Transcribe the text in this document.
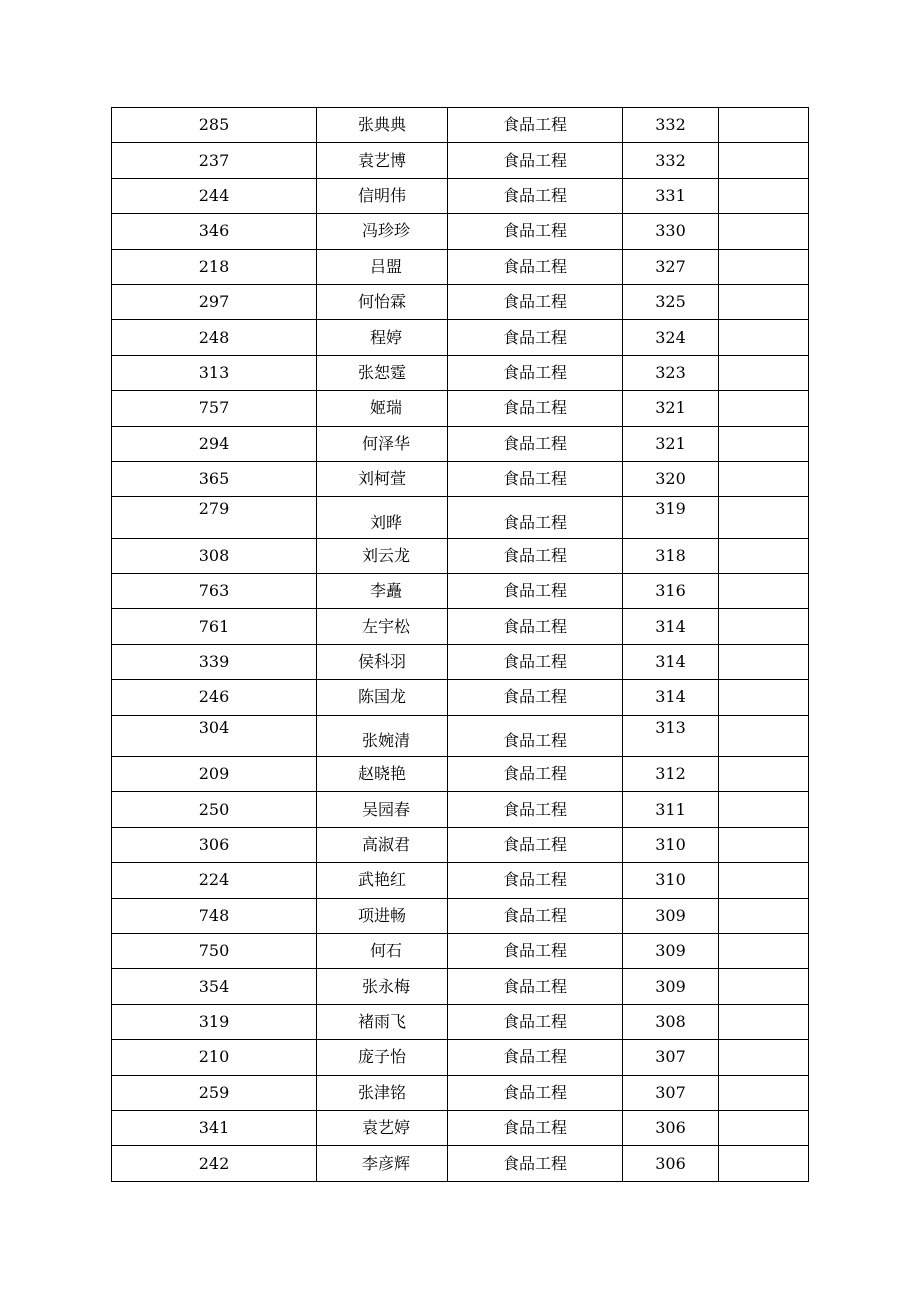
285	张典典	食品工程	332	
237	袁艺博	食品工程	332	
244	信明伟	食品工程	331	
346	冯珍珍	食品工程	330	
218	吕盟	食品工程	327	
297	何怡霖	食品工程	325	
248	程婷	食品工程	324	
313	张恕霆	食品工程	323	
757	姬瑞	食品工程	321	
294	何泽华	食品工程	321	
365	刘柯萱	食品工程	320	
279	刘晔	食品工程	319	
308	刘云龙	食品工程	318	
763	李矗	食品工程	316	
761	左宇松	食品工程	314	
339	侯科羽	食品工程	314	
246	陈国龙	食品工程	314	
304	张婉清	食品工程	313	
209	赵晓艳	食品工程	312	
250	吴园春	食品工程	311	
306	高淑君	食品工程	310	
224	武艳红	食品工程	310	
748	项进畅	食品工程	309	
750	何石	食品工程	309	
354	张永梅	食品工程	309	
319	褚雨飞	食品工程	308	
210	庞子怡	食品工程	307	
259	张津铭	食品工程	307	
341	袁艺婷	食品工程	306	
242	李彦辉	食品工程	306	
